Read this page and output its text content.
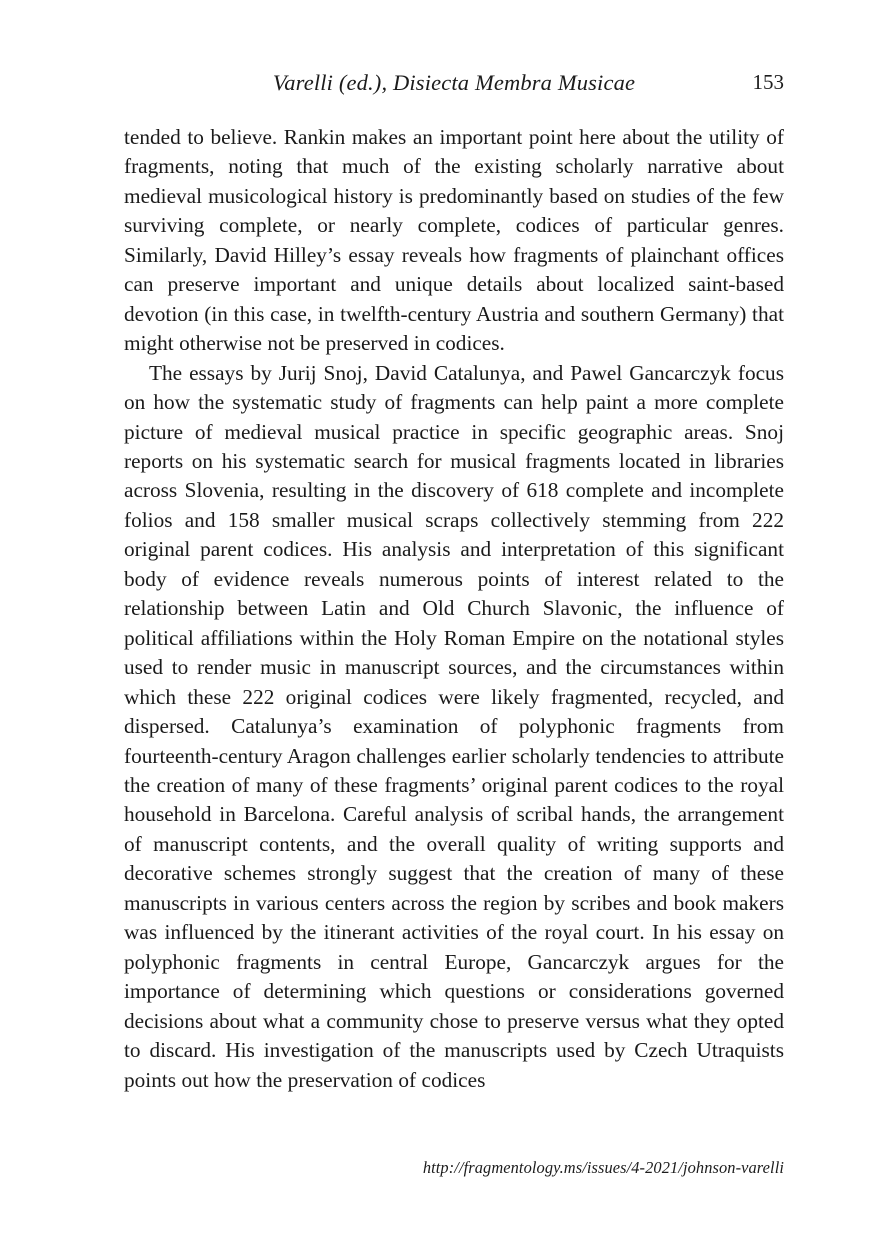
Varelli (ed.), Disiecta Membra Musicae	153

tended to believe. Rankin makes an important point here about the utility of fragments, noting that much of the existing scholarly narrative about medieval musicological history is predominantly based on studies of the few surviving complete, or nearly complete, codices of particular genres. Similarly, David Hilley’s essay reveals how fragments of plainchant offices can preserve important and unique details about localized saint-based devotion (in this case, in twelfth-century Austria and southern Germany) that might otherwise not be preserved in codices.

The essays by Jurij Snoj, David Catalunya, and Pawel Gancarczyk focus on how the systematic study of fragments can help paint a more complete picture of medieval musical practice in specific geographic areas. Snoj reports on his systematic search for musical fragments located in libraries across Slovenia, resulting in the discovery of 618 complete and incomplete folios and 158 smaller musical scraps collectively stemming from 222 original parent codices. His analysis and interpretation of this significant body of evidence reveals numerous points of interest related to the relationship between Latin and Old Church Slavonic, the influence of political affiliations within the Holy Roman Empire on the notational styles used to render music in manuscript sources, and the circumstances within which these 222 original codices were likely fragmented, recycled, and dispersed. Catalunya’s examination of polyphonic fragments from fourteenth-century Aragon challenges earlier scholarly tendencies to attribute the creation of many of these fragments’ original parent codices to the royal household in Barcelona. Careful analysis of scribal hands, the arrangement of manuscript contents, and the overall quality of writing supports and decorative schemes strongly suggest that the creation of many of these manuscripts in various centers across the region by scribes and book makers was influenced by the itinerant activities of the royal court. In his essay on polyphonic fragments in central Europe, Gancarczyk argues for the importance of determining which questions or considerations governed decisions about what a community chose to preserve versus what they opted to discard. His investigation of the manuscripts used by Czech Utraquists points out how the preservation of codices

http://fragmentology.ms/issues/4-2021/johnson-varelli
